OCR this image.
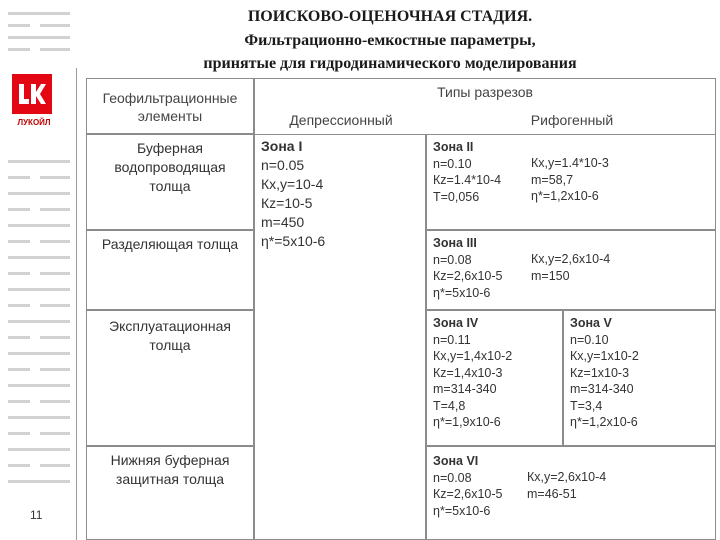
ПОИСКОВО-ОЦЕНОЧНАЯ СТАДИЯ.
Фильтрационно-емкостные параметры,
принятые для гидродинамического моделирования
ЛУКОЙЛ
Геофильтрационные элементы
Типы разрезов
Депрессионный	Рифогенный
Буферная водопроводящая толща
Разделяющая толща
Эксплуатационная толща
Нижняя буферная защитная толща
Зона I
n=0.05
Кx,y=10-4
Кz=10-5
m=450
η*=5x10-6
Зона II
n=0.10
Кz=1.4*10-4
T=0,056
Кx,y=1.4*10-3
m=58,7
η*=1,2x10-6
Зона III
n=0.08
Кz=2,6x10-5
η*=5x10-6
Кx,y=2,6x10-4
m=150
Зона IV
n=0.11
Кx,y=1,4x10-2
Кz=1,4x10-3
m=314-340
T=4,8
η*=1,9x10-6
Зона V
n=0.10
Кx,y=1x10-2
Кz=1x10-3
m=314-340
T=3,4
η*=1,2x10-6
Зона VI
n=0.08
Кz=2,6x10-5
η*=5x10-6
Кx,y=2,6x10-4
m=46-51
11
